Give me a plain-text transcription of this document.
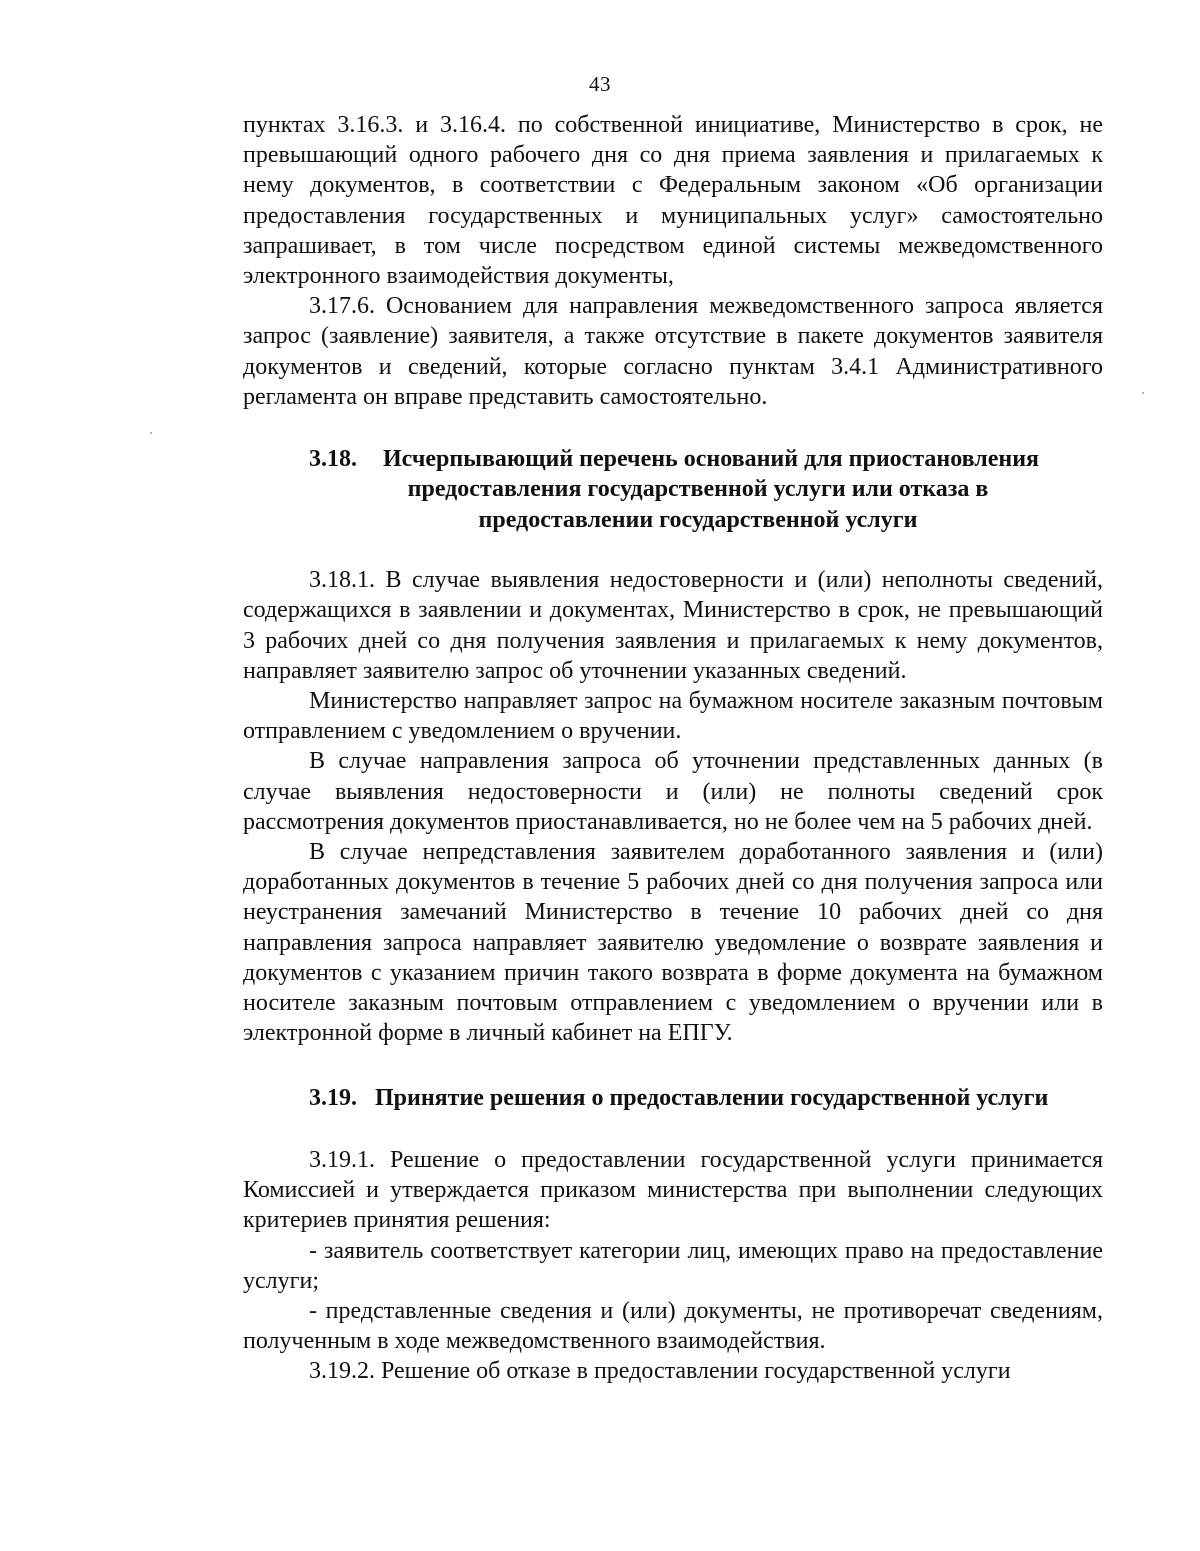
43

пунктах 3.16.3. и 3.16.4. по собственной инициативе, Министерство в срок, не превышающий одного рабочего дня со дня приема заявления и прилагаемых к нему документов, в соответствии с Федеральным законом «Об организации предоставления государственных и муниципальных услуг» самостоятельно запрашивает, в том числе посредством единой системы межведомственного электронного взаимодействия документы,

3.17.6. Основанием для направления межведомственного запроса является запрос (заявление) заявителя, а также отсутствие в пакете документов заявителя документов и сведений, которые согласно пунктам 3.4.1 Административного регламента он вправе представить самостоятельно.

3.18. Исчерпывающий перечень оснований для приостановления
предоставления государственной услуги или отказа в
предоставлении государственной услуги

3.18.1. В случае выявления недостоверности и (или) неполноты сведений, содержащихся в заявлении и документах, Министерство в срок, не превышающий 3 рабочих дней со дня получения заявления и прилагаемых к нему документов, направляет заявителю запрос об уточнении указанных сведений.

Министерство направляет запрос на бумажном носителе заказным почтовым отправлением с уведомлением о вручении.

В случае направления запроса об уточнении представленных данных (в случае выявления недостоверности и (или) не полноты сведений срок рассмотрения документов приостанавливается, но не более чем на 5 рабочих дней.

В случае непредставления заявителем доработанного заявления и (или) доработанных документов в течение 5 рабочих дней со дня получения запроса или неустранения замечаний Министерство в течение 10 рабочих дней со дня направления запроса направляет заявителю уведомление о возврате заявления и документов с указанием причин такого возврата в форме документа на бумажном носителе заказным почтовым отправлением с уведомлением о вручении или в электронной форме в личный кабинет на ЕПГУ.

3.19. Принятие решения о предоставлении государственной услуги

3.19.1. Решение о предоставлении государственной услуги принимается Комиссией и утверждается приказом министерства при выполнении следующих критериев принятия решения:

- заявитель соответствует категории лиц, имеющих право на предоставление услуги;

- представленные сведения и (или) документы, не противоречат сведениям, полученным в ходе межведомственного взаимодействия.

3.19.2. Решение об отказе в предоставлении государственной услуги
